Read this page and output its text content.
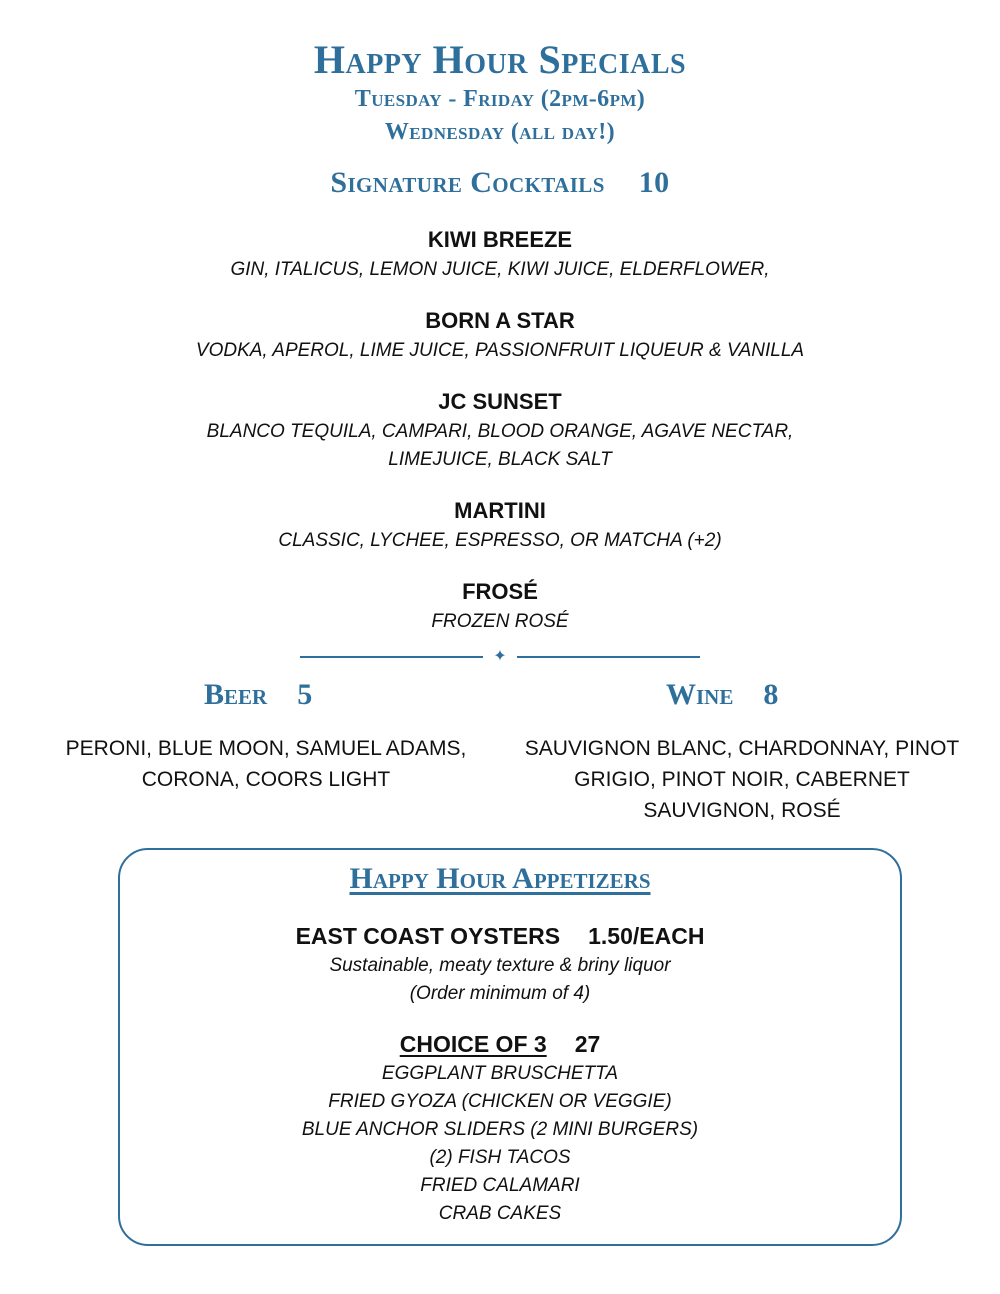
Happy Hour Specials

Tuesday - Friday (2pm-6pm)

Wednesday (all day!)

Signature Cocktails 10

KIWI BREEZE

GIN, ITALICUS, LEMON JUICE, KIWI JUICE, ELDERFLOWER,

BORN A STAR

VODKA, APEROL, LIME JUICE, PASSIONFRUIT LIQUEUR & VANILLA

JC SUNSET

BLANCO TEQUILA, CAMPARI, BLOOD ORANGE, AGAVE NECTAR,

LIMEJUICE, BLACK SALT

MARTINI

CLASSIC, LYCHEE, ESPRESSO, OR MATCHA (+2)

FROSÉ

FROZEN ROSÉ

✦
Beer 5
PERONI, BLUE MOON, SAMUEL ADAMS,
CORONA, COORS LIGHT
Wine 8
SAUVIGNON BLANC, CHARDONNAY, PINOT
GRIGIO, PINOT NOIR, CABERNET
SAUVIGNON, ROSÉ
Happy Hour Appetizers

EAST COAST OYSTERS 1.50/EACH

Sustainable, meaty texture & briny liquor

(Order minimum of 4)

CHOICE OF 3 27

EGGPLANT BRUSCHETTA

FRIED GYOZA (CHICKEN OR VEGGIE)

BLUE ANCHOR SLIDERS (2 MINI BURGERS)

(2) FISH TACOS

FRIED CALAMARI

CRAB CAKES
